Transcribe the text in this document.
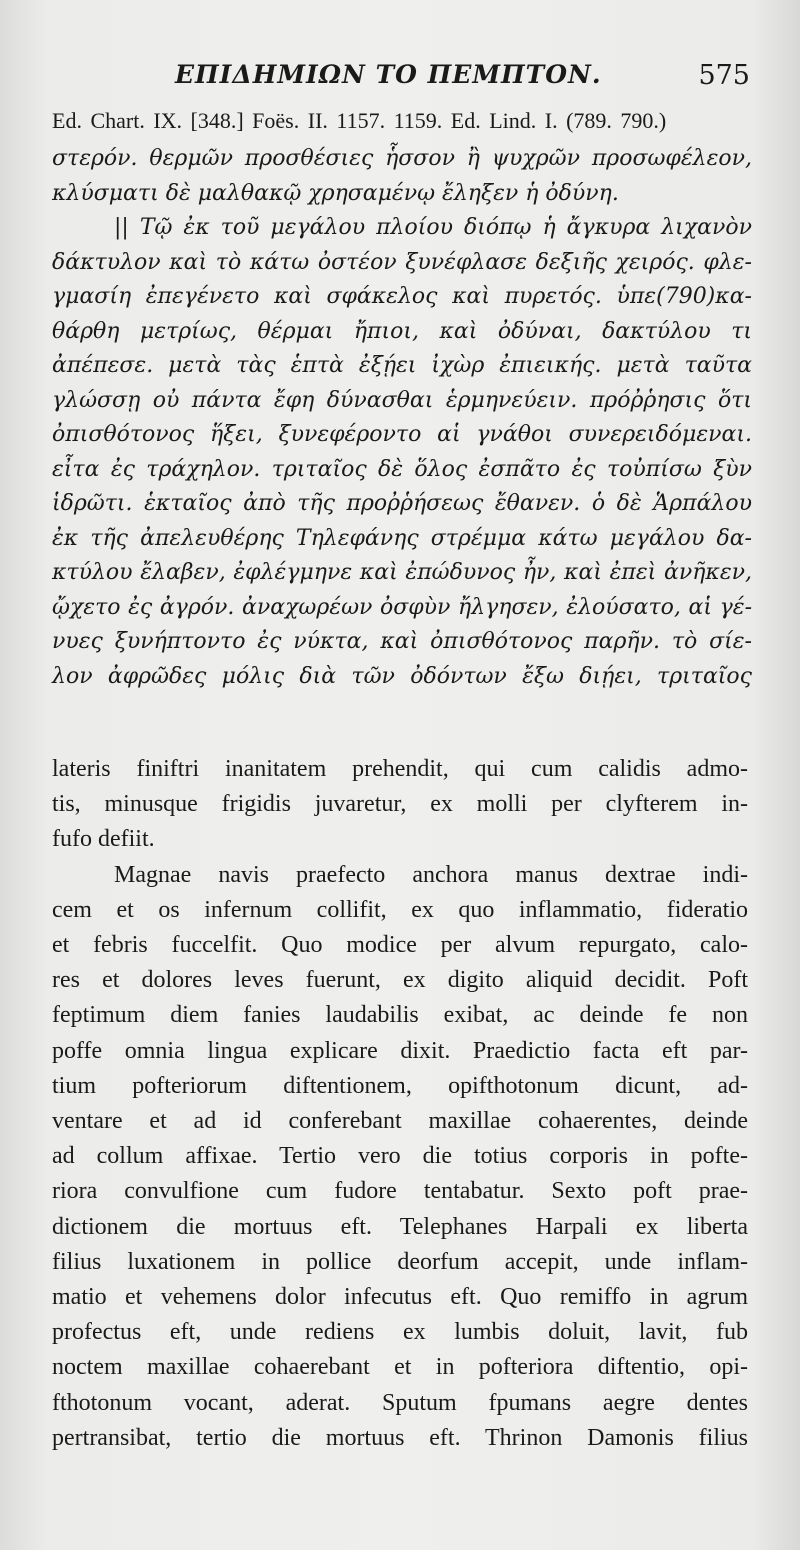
ΕΠΙΔΗΜΙΩΝ ΤΟ ΠΕΜΠΤΟΝ.	575
Ed. Chart. IX. [348.] Foës. II. 1157. 1159. Ed. Lind. I. (789. 790.)
στερόν. θερμῶν προσθέσιες ἧσσον ἢ ψυχρῶν προσωφέλεον,
κλύσματι δὲ μαλθακῷ χρησαμένῳ ἔληξεν ἡ ὀδύνη.
|| Τῷ ἐκ τοῦ μεγάλου πλοίου διόπῳ ἡ ἄγκυρα λιχανὸν
δάκτυλον καὶ τὸ κάτω ὀστέον ξυνέφλασε δεξιῆς χειρός. φλε-
γμασίη ἐπεγένετο καὶ σφάκελος καὶ πυρετός. ὑπε(790)κα-
θάρθη μετρίως, θέρμαι ἤπιοι, καὶ ὀδύναι, δακτύλου τι
ἀπέπεσε. μετὰ τὰς ἑπτὰ ἐξῄει ἰχὼρ ἐπιεικής. μετὰ ταῦτα
γλώσσῃ οὐ πάντα ἔφη δύνασθαι ἑρμηνεύειν. πρόῤῥησις ὅτι
ὀπισθότονος ἥξει, ξυνεφέροντο αἱ γνάθοι συνερειδόμεναι.
εἶτα ἐς τράχηλον. τριταῖος δὲ ὅλος ἐσπᾶτο ἐς τοὐπίσω ξὺν
ἱδρῶτι. ἑκταῖος ἀπὸ τῆς προῤῥήσεως ἔθανεν. ὁ δὲ Ἁρπάλου
ἐκ τῆς ἀπελευθέρης Τηλεφάνης στρέμμα κάτω μεγάλου δα-
κτύλου ἔλαβεν, ἐφλέγμηνε καὶ ἐπώδυνος ἦν, καὶ ἐπεὶ ἀνῆκεν,
ᾤχετο ἐς ἀγρόν. ἀναχωρέων ὀσφὺν ἤλγησεν, ἐλούσατο, αἱ γέ-
νυες ξυνήπτοντο ἐς νύκτα, καὶ ὀπισθότονος παρῆν. τὸ σίε-
λον ἀφρῶδες μόλις διὰ τῶν ὀδόντων ἔξω διῄει, τριταῖος
lateris finiftri inanitatem prehendit, qui cum calidis admo-
tis, minusque frigidis juvaretur, ex molli per clyfterem in-
fufo defiit.
Magnae navis praefecto anchora manus dextrae indi-
cem et os infernum collifit, ex quo inflammatio, fideratio
et febris fuccelfit. Quo modice per alvum repurgato, calo-
res et dolores leves fuerunt, ex digito aliquid decidit. Poft
feptimum diem fanies laudabilis exibat, ac deinde fe non
poffe omnia lingua explicare dixit. Praedictio facta eft par-
tium pofteriorum diftentionem, opifthotonum dicunt, ad-
ventare et ad id conferebant maxillae cohaerentes, deinde
ad collum affixae. Tertio vero die totius corporis in pofte-
riora convulfione cum fudore tentabatur. Sexto poft prae-
dictionem die mortuus eft. Telephanes Harpali ex liberta
filius luxationem in pollice deorfum accepit, unde inflam-
matio et vehemens dolor infecutus eft. Quo remiffo in agrum
profectus eft, unde rediens ex lumbis doluit, lavit, fub
noctem maxillae cohaerebant et in pofteriora diftentio, opi-
fthotonum vocant, aderat. Sputum fpumans aegre dentes
pertransibat, tertio die mortuus eft. Thrinon Damonis filius
